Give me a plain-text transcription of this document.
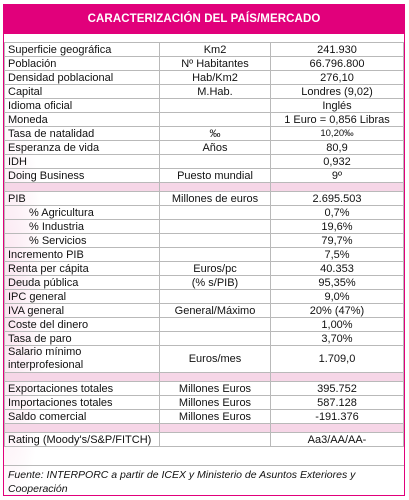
CARACTERIZACIÓN DEL PAÍS/MERCADO
Superficie geográfica	Km2	241.930
Población	Nº Habitantes	66.796.800
Densidad poblacional	Hab/Km2	276,10
Capital	M.Hab.	Londres (9,02)
Idioma oficial		Inglés
Moneda		1 Euro = 0,856 Libras
Tasa de natalidad	‰	10,20‰
Esperanza de vida	Años	80,9
IDH		0,932
Doing Business	Puesto mundial	9º

PIB	Millones de euros	2.695.503
% Agricultura		0,7%
% Industria		19,6%
% Servicios		79,7%
Incremento PIB		7,5%
Renta per cápita	Euros/pc	40.353
Deuda pública	(% s/PIB)	95,35%
IPC general		9,0%
IVA general	General/Máximo	20% (47%)
Coste del dinero		1,00%
Tasa de paro		3,70%
Salario mínimo interprofesional	Euros/mes	1.709,0

Exportaciones totales	Millones Euros	395.752
Importaciones totales	Millones Euros	587.128
Saldo comercial	Millones Euros	-191.376

Rating (Moody's/S&P/FITCH)		Aa3/AA/AA-
Fuente: INTERPORC a partir de ICEX y Ministerio de Asuntos Exteriores y Cooperación
